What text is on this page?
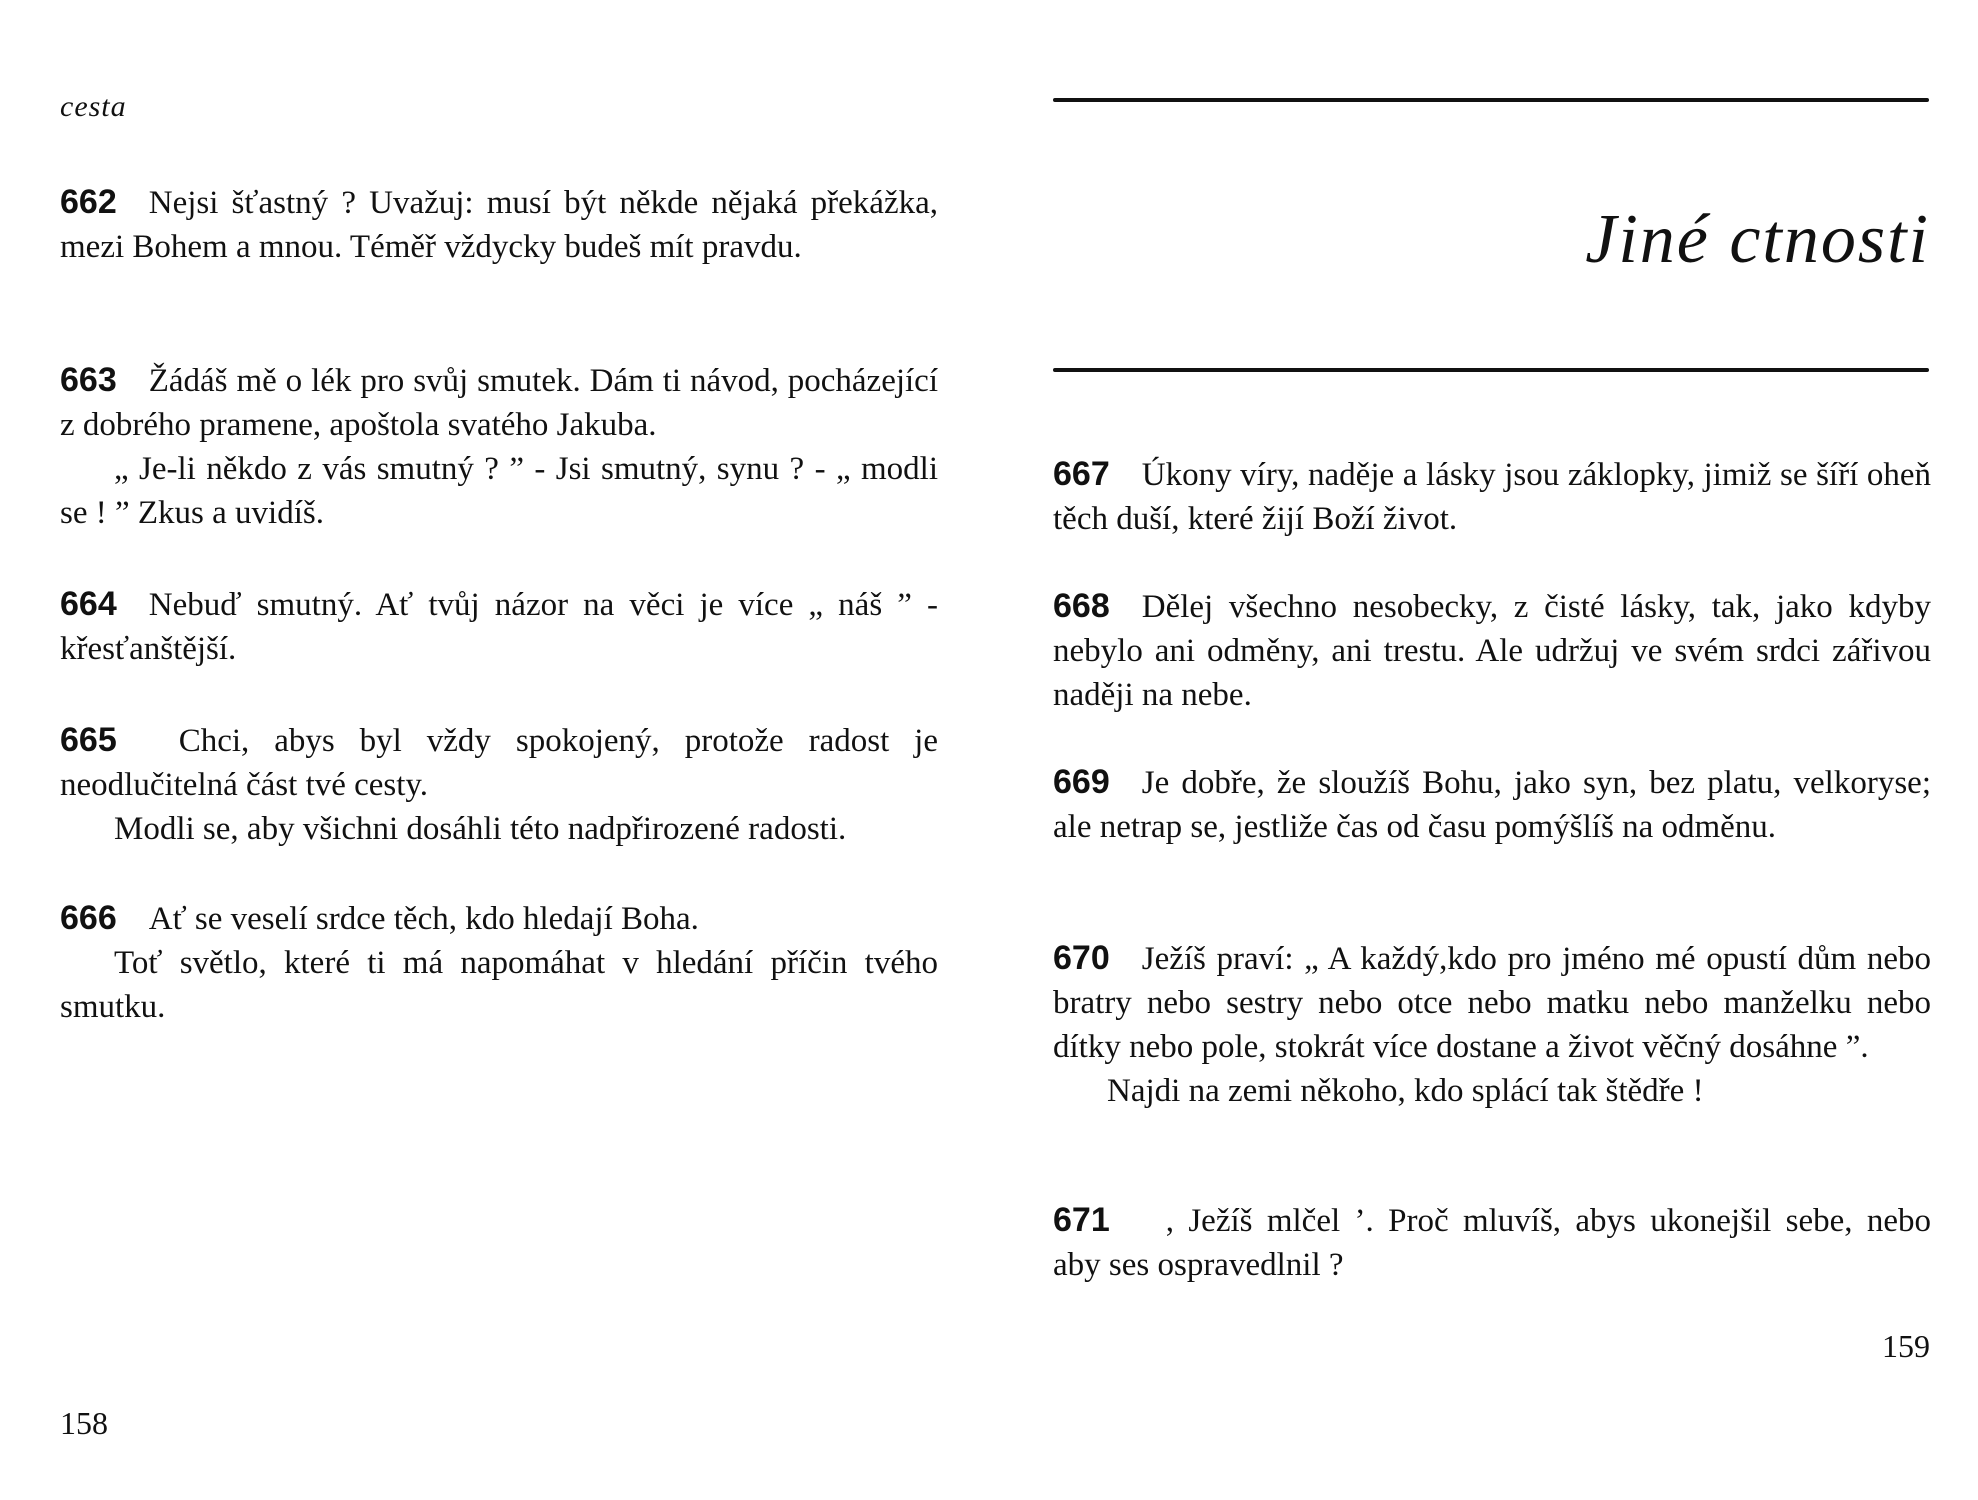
cesta

662 Nejsi šťastný ? Uvažuj: musí být někde nějaká překážka, mezi Bohem a mnou. Téměř vždycky budeš mít pravdu.

663 Žádáš mě o lék pro svůj smutek. Dám ti návod, pocházející z dobrého pramene, apoštola svatého Jakuba.

„ Je-li někdo z vás smutný ? ” - Jsi smutný, synu ? - „ modli se ! ” Zkus a uvidíš.

664 Nebuď smutný. Ať tvůj názor na věci je více „ náš ” - křesťanštější.

665 Chci, abys byl vždy spokojený, protože radost je neodlučitelná část tvé cesty.

Modli se, aby všichni dosáhli této nadpřirozené radosti.

666 Ať se veselí srdce těch, kdo hledají Boha.

Toť světlo, které ti má napomáhat v hledání příčin tvého smutku.

158
Jiné ctnosti

667 Úkony víry, naděje a lásky jsou záklopky, jimiž se šíří oheň těch duší, které žijí Boží život.

668 Dělej všechno nesobecky, z čisté lásky, tak, jako kdyby nebylo ani odměny, ani trestu. Ale udržuj ve svém srdci zářivou naději na nebe.

669 Je dobře, že sloužíš Bohu, jako syn, bez platu, velkoryse; ale netrap se, jestliže čas od času pomýšlíš na odměnu.

670 Ježíš praví: „ A každý,kdo pro jméno mé opustí dům nebo bratry nebo sestry nebo otce nebo matku nebo manželku nebo dítky nebo pole, stokrát více dostane a život věčný dosáhne ”.

Najdi na zemi někoho, kdo splácí tak štědře !

671 , Ježíš mlčel ’. Proč mluvíš, abys ukonejšil sebe, nebo aby ses ospravedlnil ?

159
